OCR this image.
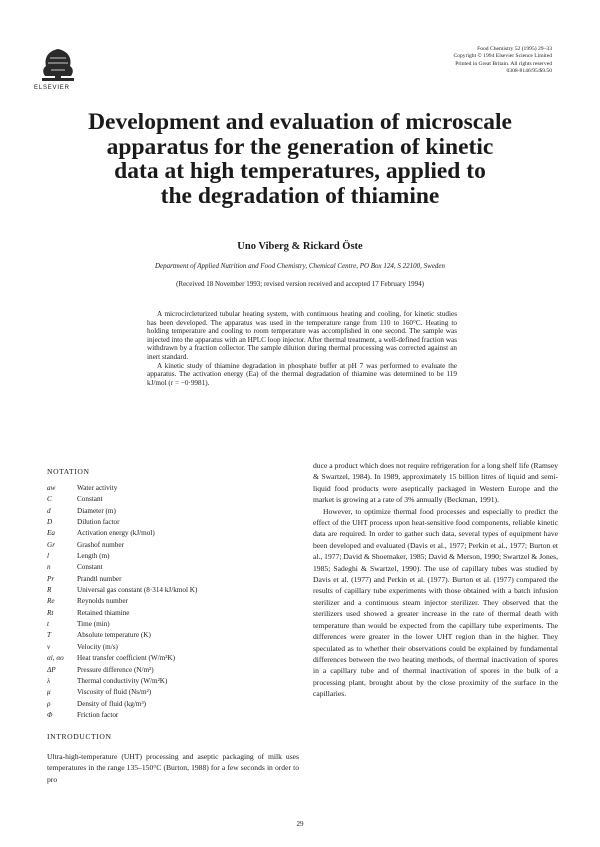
ELSEVIER
Food Chemistry 52 (1995) 29–33
Copyright © 1994 Elsevier Science Limited
Printed in Great Britain. All rights reserved
0308-8146/95/$9.50
Development and evaluation of microscale
apparatus for the generation of kinetic
data at high temperatures, applied to
the degradation of thiamine
Uno Viberg & Rickard Öste
Department of Applied Nutrition and Food Chemistry, Chemical Centre, PO Box 124, S 22100, Sweden
(Received 18 November 1993; revised version received and accepted 17 February 1994)

A microcircleturized tubular heating system, with continuous heating and cooling, for kinetic studies has been developed. The apparatus was used in the temperature range from 110 to 160°C. Heating to holding temperature and cooling to room temperature was accomplished in one second. The sample was injected into the apparatus with an HPLC loop injector. After thermal treatment, a well-defined fraction was withdrawn by a fraction collector. The sample dilution during thermal processing was corrected against an inert standard.

A kinetic study of thiamine degradation in phosphate buffer at pH 7 was performed to evaluate the apparatus. The activation energy (Ea) of the thermal degradation of thiamine was determined to be 119 kJ/mol (r = −0·9981).

NOTATION
aw	Water activity
C	Constant
d	Diameter (m)
D	Dilution factor
Ea	Activation energy (kJ/mol)
Gr	Grashof number
l	Length (m)
n	Constant
Pr	Prandtl number
R	Universal gas constant (8·314 kJ/kmol K)
Re	Reynolds number
Rt	Retained thiamine
t	Time (min)
T	Absolute temperature (K)
v	Velocity (m/s)
αi, αo Heat transfer coefficient (W/m²K)
ΔP	Pressure difference (N/m²)
λ	Thermal conductivity (W/m²K)
μ	Viscosity of fluid (Ns/m²)
ρ	Density of fluid (kg/m³)
Φ	Friction factor
INTRODUCTION

Ultra-high-temperature (UHT) processing and aseptic packaging of milk uses temperatures in the range 135–150°C (Burton, 1988) for a few seconds in order to pro

duce a product which does not require refrigeration for a long shelf life (Ramsey & Swartzel, 1984). In 1989, approximately 15 billion litres of liquid and semi-liquid food products were aseptically packaged in Western Europe and the market is growing at a rate of 3% annually (Beckman, 1991).

However, to optimize thermal food processes and especially to predict the effect of the UHT process upon heat-sensitive food components, reliable kinetic data are required. In order to gather such data, several types of equipment have been developed and evaluated (Davis et al., 1977; Perkin et al., 1977; Burton et al., 1977; David & Shoemaker, 1985; David & Merson, 1990; Swartzel & Jones, 1985; Sadeghi & Swartzel, 1990). The use of capillary tubes was studied by Davis et al. (1977) and Perkin et al. (1977). Burton et al. (1977) compared the results of capillary tube experiments with those obtained with a batch infusion sterilizer and a continuous steam injector sterilizer. They observed that the sterilizers used showed a greater increase in the rate of thermal death with temperature than would be expected from the capillary tube experiments. The differences were greater in the lower UHT region than in the higher. They speculated as to whether their observations could be explained by fundamental differences between the two heating methods, of thermal inactivation of spores in a capillary tube and of thermal inactivation of spores in the bulk of a processing plant, brought about by the close proximity of the surface in the capillaries.

29
